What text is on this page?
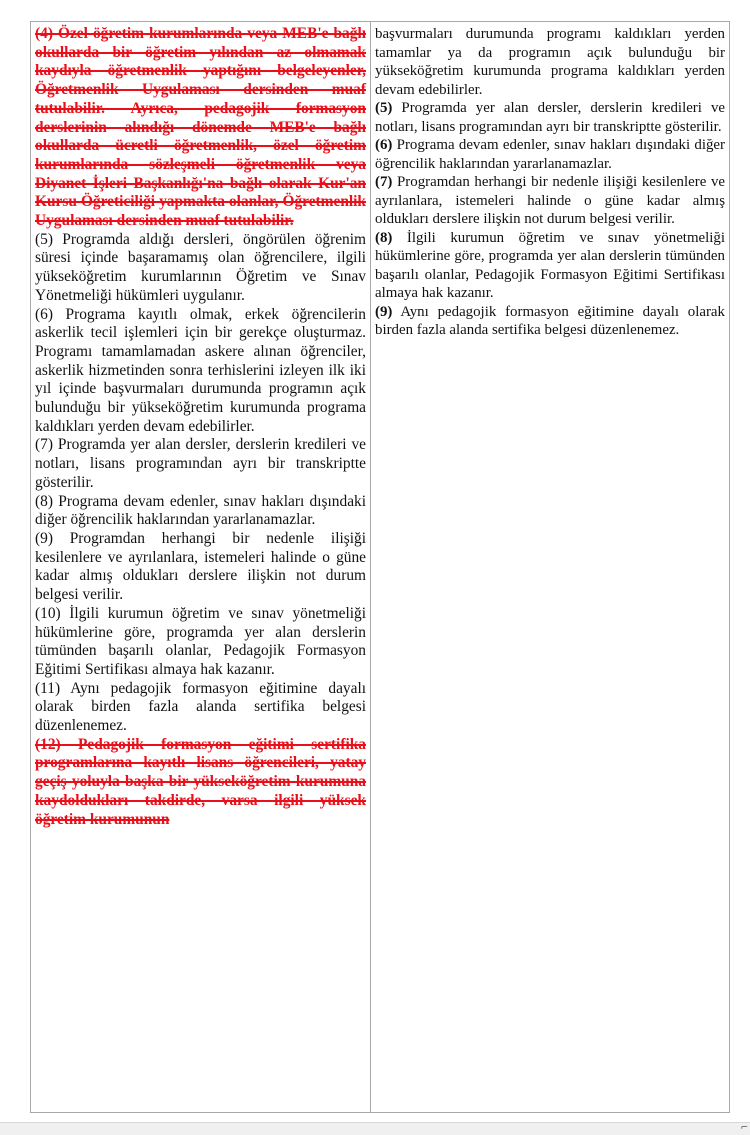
(4) Özel öğretim kurumlarında veya MEB'e bağlı okullarda bir öğretim yılından az olmamak kaydıyla öğretmenlik yaptığını belgeleyenler, Öğretmenlik Uygulaması dersinden muaf tutulabilir. Ayrıca, pedagojik formasyon derslerinin alındığı dönemde MEB'e bağlı okullarda ücretli öğretmenlik, özel öğretim kurumlarında sözleşmeli öğretmenlik veya Diyanet İşleri Başkanlığı'na bağlı olarak Kur'an Kursu Öğreticiliği yapmakta olanlar, Öğretmenlik Uygulaması dersinden muaf tutulabilir.

(5) Programda aldığı dersleri, öngörülen öğrenim süresi içinde başaramamış olan öğrencilere, ilgili yükseköğretim kurumlarının Öğretim ve Sınav Yönetmeliği hükümleri uygulanır.

(6) Programa kayıtlı olmak, erkek öğrencilerin askerlik tecil işlemleri için bir gerekçe oluşturmaz. Programı tamamlamadan askere alınan öğrenciler, askerlik hizmetinden sonra terhislerini izleyen ilk iki yıl içinde başvurmaları durumunda programın açık bulunduğu bir yükseköğretim kurumunda programa kaldıkları yerden devam edebilirler.

(7) Programda yer alan dersler, derslerin kredileri ve notları, lisans programından ayrı bir transkriptte gösterilir.

(8) Programa devam edenler, sınav hakları dışındaki diğer öğrencilik haklarından yararlanamazlar.

(9) Programdan herhangi bir nedenle ilişiği kesilenlere ve ayrılanlara, istemeleri halinde o güne kadar almış oldukları derslere ilişkin not durum belgesi verilir.

(10) İlgili kurumun öğretim ve sınav yönetmeliği hükümlerine göre, programda yer alan derslerin tümünden başarılı olanlar, Pedagojik Formasyon Eğitimi Sertifikası almaya hak kazanır.

(11) Aynı pedagojik formasyon eğitimine dayalı olarak birden fazla alanda sertifika belgesi düzenlenemez.

(12) Pedagojik formasyon eğitimi sertifika programlarına kayıtlı lisans öğrencileri, yatay geçiş yoluyla başka bir yükseköğretim kurumuna kaydoldukları takdirde, varsa ilgili yüksek öğretim kurumunun

başvurmaları durumunda programı kaldıkları yerden tamamlar ya da programın açık bulunduğu bir yükseköğretim kurumunda programa kaldıkları yerden devam edebilirler.

(5) Programda yer alan dersler, derslerin kredileri ve notları, lisans programından ayrı bir transkriptte gösterilir.

(6) Programa devam edenler, sınav hakları dışındaki diğer öğrencilik haklarından yararlanamazlar.

(7) Programdan herhangi bir nedenle ilişiği kesilenlere ve ayrılanlara, istemeleri halinde o güne kadar almış oldukları derslere ilişkin not durum belgesi verilir.

(8) İlgili kurumun öğretim ve sınav yönetmeliği hükümlerine göre, programda yer alan derslerin tümünden başarılı olanlar, Pedagojik Formasyon Eğitimi Sertifikası almaya hak kazanır.

(9) Aynı pedagojik formasyon eğitimine dayalı olarak birden fazla alanda sertifika belgesi düzenlenemez.

⌐
